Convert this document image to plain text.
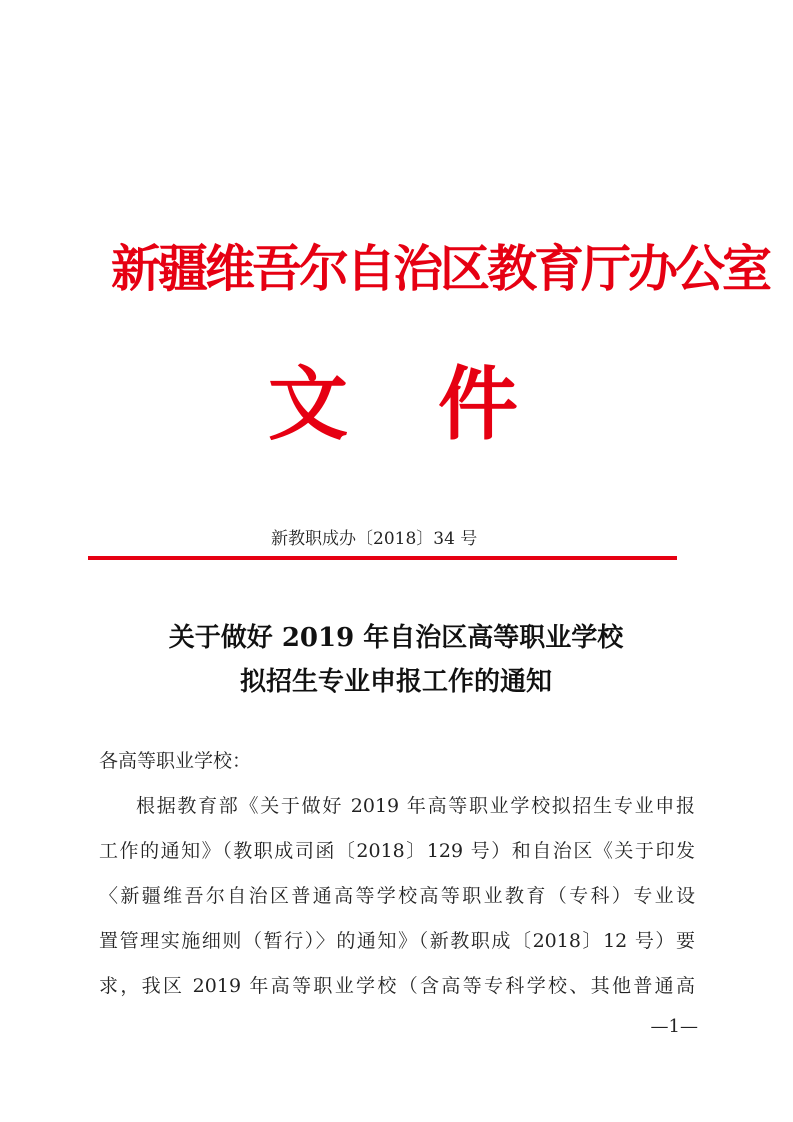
新疆维吾尔自治区教育厅办公室
文件
新教职成办〔2018〕34 号
关于做好 2019 年自治区高等职业学校
拟招生专业申报工作的通知

各高等职业学校：

根据教育部《关于做好 2019 年高等职业学校拟招生专业申报

工作的通知》（教职成司函〔2018〕129 号）和自治区《关于印发

〈新疆维吾尔自治区普通高等学校高等职业教育（专科）专业设

置管理实施细则（暂行）〉的通知》（新教职成〔2018〕12 号）要

求，我区 2019 年高等职业学校（含高等专科学校、其他普通高

—1—
